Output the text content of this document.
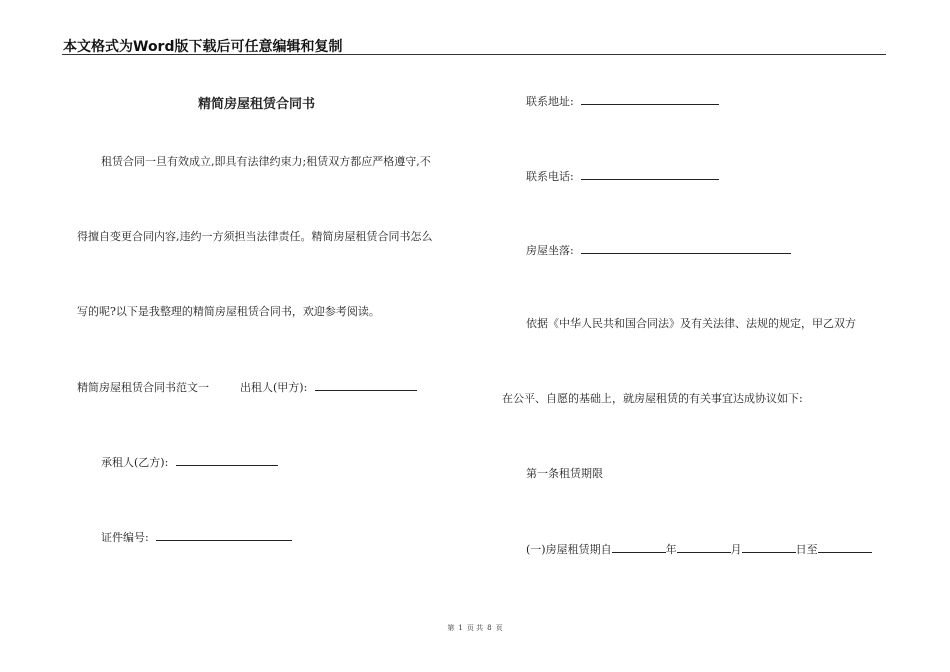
本文格式为Word版下载后可任意编辑和复制
精简房屋租赁合同书
租赁合同一旦有效成立,即具有法律约束力;租赁双方都应严格遵守,不
得擅自变更合同内容,违约一方须担当法律责任。精简房屋租赁合同书怎么
写的呢?以下是我整理的精简房屋租赁合同书，欢迎参考阅读。
精简房屋租赁合同书范文一	出租人(甲方):
承租人(乙方):
证件编号:
联系地址:
联系电话:
房屋坐落:
依据《中华人民共和国合同法》及有关法律、法规的规定，甲乙双方
在公平、自愿的基础上，就房屋租赁的有关事宜达成协议如下:
第一条租赁期限
(一)房屋租赁期自	年	月	日至
第 1 页 共 8 页
